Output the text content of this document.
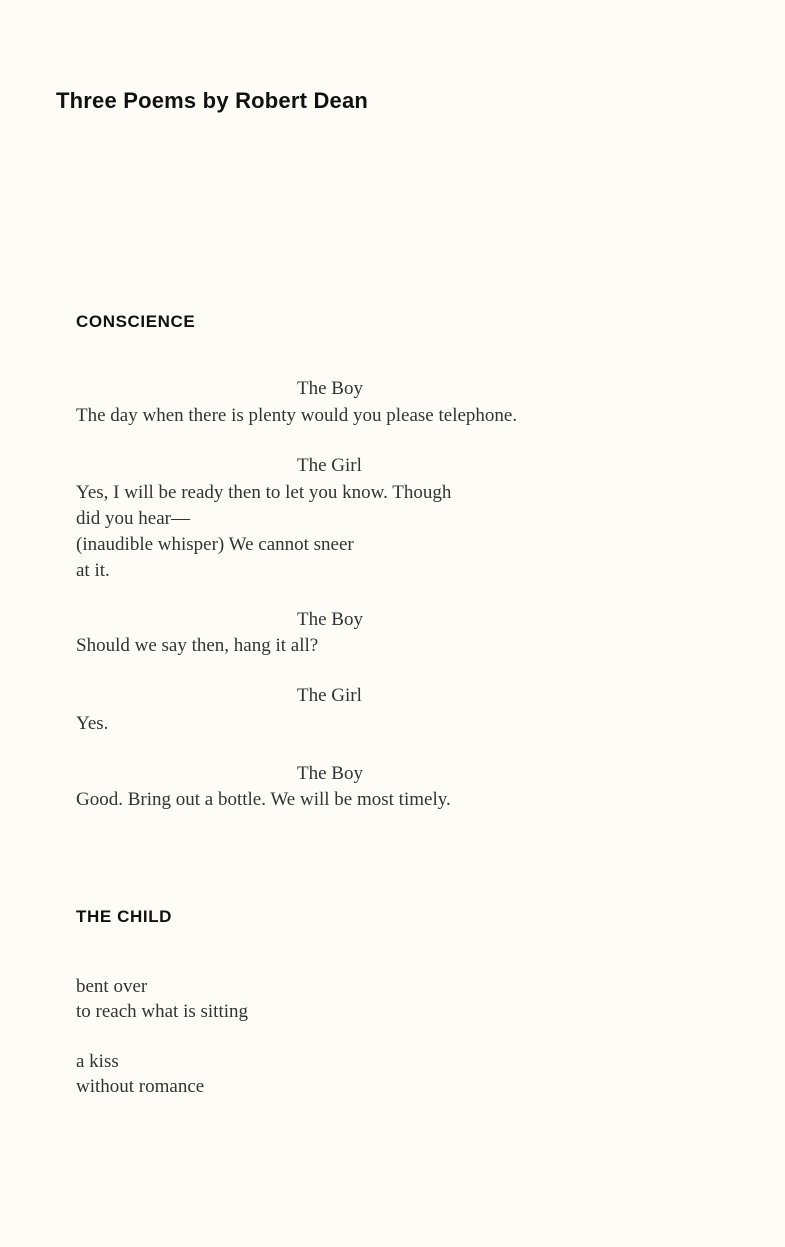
Three Poems by Robert Dean
CONSCIENCE
The Boy
The day when there is plenty would you please telephone.
The Girl
Yes, I will be ready then to let you know. Though
did you hear—
(inaudible whisper) We cannot sneer
at it.
The Boy
Should we say then, hang it all?
The Girl
Yes.
The Boy
Good. Bring out a bottle. We will be most timely.
THE CHILD
bent over
to reach what is sitting
a kiss
without romance
